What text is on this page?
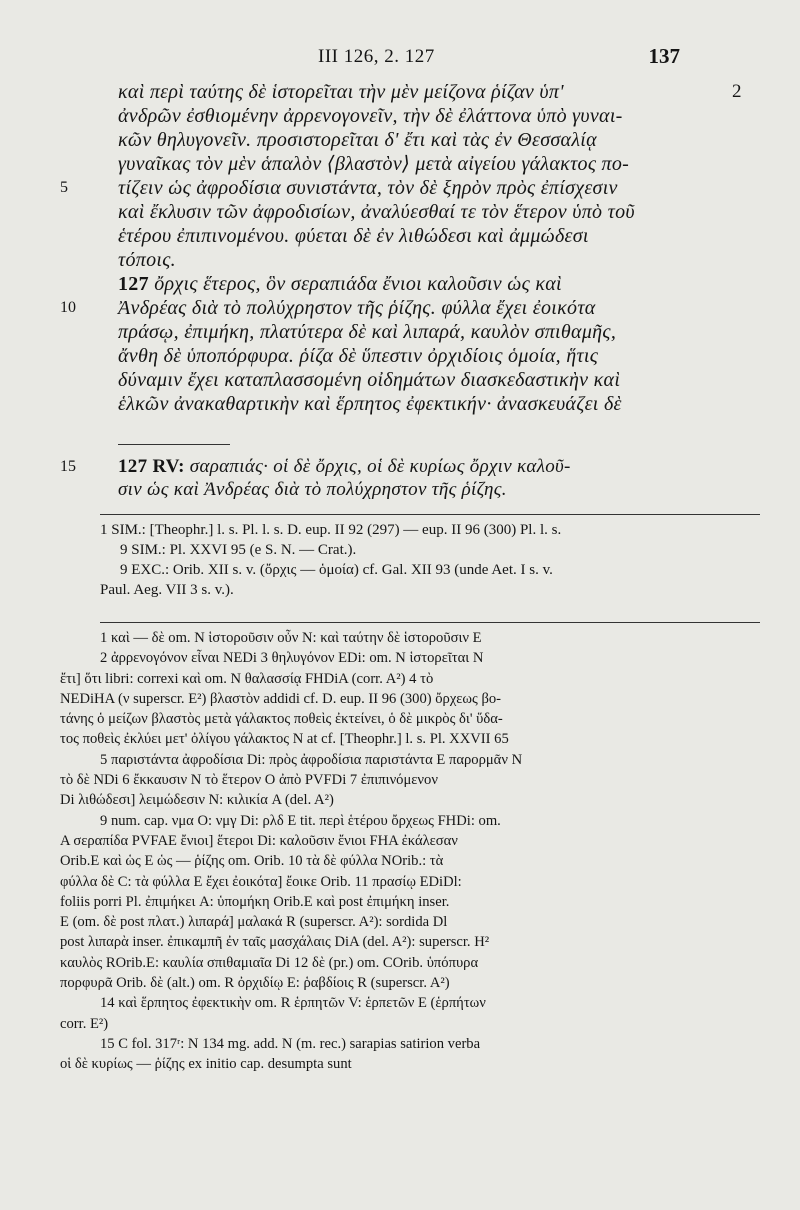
III 126, 2. 127	137
καὶ περὶ ταύτης δὲ ἱστορεῖται τὴν μὲν μείζονα ῥίζαν ὑπ'	2
ἀνδρῶν ἐσθιομένην ἀρρενογονεῖν, τὴν δὲ ἐλάττονα ὑπὸ γυναι-
κῶν θηλυγονεῖν. προσιστορεῖται δ' ἔτι καὶ τὰς ἐν Θεσσαλίᾳ
γυναῖκας τὸν μὲν ἁπαλὸν ⟨βλαστὸν⟩ μετὰ αἰγείου γάλακτος πο-
5	τίζειν ὡς ἀφροδίσια συνιστάντα, τὸν δὲ ξηρὸν πρὸς ἐπίσχεσιν
καὶ ἔκλυσιν τῶν ἀφροδισίων, ἀναλύεσθαί τε τὸν ἕτερον ὑπὸ τοῦ
ἑτέρου ἐπιπινομένου. φύεται δὲ ἐν λιθώδεσι καὶ ἀμμώδεσι
τόποις.
127 ὄρχις ἕτερος, ὃν σεραπιάδα ἔνιοι καλοῦσιν ὡς καὶ
10 Ἀνδρέας διὰ τὸ πολύχρηστον τῆς ῥίζης. φύλλα ἔχει ἐοικότα
πράσῳ, ἐπιμήκη, πλατύτερα δὲ καὶ λιπαρά, καυλὸν σπιθαμῆς,
ἄνθη δὲ ὑποπόρφυρα. ῥίζα δὲ ὕπεστιν ὀρχιδίοις ὁμοία, ἥτις
δύναμιν ἔχει καταπλασσομένη οἰδημάτων διασκεδαστικὴν καὶ
ἑλκῶν ἀνακαθαρτικὴν καὶ ἕρπητος ἐφεκτικήν· ἀνασκευάζει δὲ
15 127 RV: σαραπιάς· οἱ δὲ ὄρχις, οἱ δὲ κυρίως ὄρχιν καλοῦ-
σιν ὡς καὶ Ἀνδρέας διὰ τὸ πολύχρηστον τῆς ῥίζης.
1 SIM.: [Theophr.] l. s. Pl. l. s. D. eup. II 92 (297) — eup. II 96 (300) Pl. l. s.
9 SIM.: Pl. XXVI 95 (e S. N. — Crat.).
9 EXC.: Orib. XII s. v. (ὄρχις — ὁμοία) cf. Gal. XII 93 (unde Aet. I s. v.
Paul. Aeg. VII 3 s. v.).
1 καὶ — δὲ om. N ἱστοροῦσιν οὖν N: καὶ ταύτην δὲ ἱστοροῦσιν E
2 ἀρρενογόνον εἶναι NEDi 3 θηλυγόνον EDi: om. N ἱστορεῖται N
ἔτι] ὅτι libri: correxi καὶ om. N θαλασσίᾳ FHDiA (corr. A²) 4 τὸ
NEDiHA (ν superscr. E²) βλαστὸν addidi cf. D. eup. II 96 (300) ὄρχεως βο-
τάνης ὁ μείζων βλαστὸς μετὰ γάλακτος ποθεὶς ἐκτείνει, ὁ δὲ μικρὸς δι' ὕδα-
τος ποθεὶς ἐκλύει μετ' ὀλίγου γάλακτος N at cf. [Theophr.] l. s. Pl. XXVII 65
5 παριστάντα ἀφροδίσια Di: πρὸς ἀφροδίσια παριστάντα E παρορμᾶν N
τὸ δὲ NDi 6 ἔκκαυσιν N τὸ ἕτερον O ἀπὸ PVFDi 7 ἐπιπινόμενον
Di λιθώδεσι] λειμώδεσιν N: κιλικία A (del. A²)
9 num. cap. νμα O: νμγ Di: ρλδ E tit. περὶ ἑτέρου ὄρχεως FHDi: om.
A σεραπίδα PVFAE ἔνιοι] ἕτεροι Di: καλοῦσιν ἔνιοι FHA ἐκάλεσαν
Orib.E καὶ ὡς E ὡς — ῥίζης om. Orib. 10 τὰ δὲ φύλλα NOrib.: τὰ
φύλλα δὲ C: τὰ φύλλα E ἔχει ἐοικότα] ἔοικε Orib. 11 πρασίῳ EDiDl:
foliis porri Pl. ἐπιμήκει A: ὑπομήκη Orib.E καὶ post ἐπιμήκη inser.
E (om. δὲ post πλατ.) λιπαρά] μαλακά R (superscr. A²): sordida Dl
post λιπαρὰ inser. ἐπικαμπῆ ἐν ταῖς μασχάλαις DiA (del. A²): superscr. H²
καυλὸς ROrib.E: καυλία σπιθαμιαῖα Di 12 δὲ (pr.) om. COrib. ὑπόπυρα
πορφυρᾶ Orib. δὲ (alt.) om. R ὀρχιδίῳ E: ῥαβδίοις R (superscr. A²)
14 καὶ ἕρπητος ἐφεκτικὴν om. R ἑρπητῶν V: ἑρπετῶν E (ἑρπήτων
corr. E²)
15 C fol. 317ʳ: N 134 mg. add. N (m. rec.) sarapias satirion verba
οἱ δὲ κυρίως — ῥίζης ex initio cap. desumpta sunt
